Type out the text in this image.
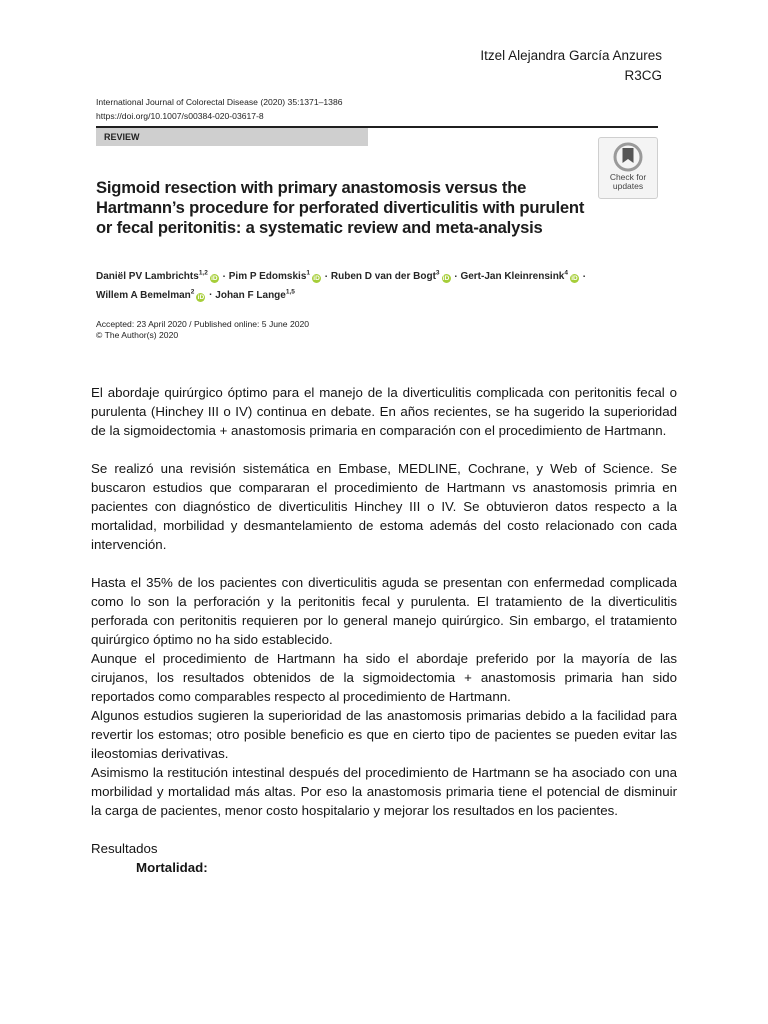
Itzel Alejandra García Anzures
R3CG
International Journal of Colorectal Disease (2020) 35:1371–1386
https://doi.org/10.1007/s00384-020-03617-8
REVIEW
Check for updates
Sigmoid resection with primary anastomosis versus the Hartmann’s procedure for perforated diverticulitis with purulent or fecal peritonitis: a systematic review and meta-analysis
Daniël PV Lambrichts$^{1,2}$iD · Pim P Edomskis$^1$iD · Ruben D van der Bogt$^3$iD · Gert-Jan Kleinrensink$^4$iD ·
Willem A Bemelman$^2$iD · Johan F Lange$^{1,5}$
Accepted: 23 April 2020 / Published online: 5 June 2020
© The Author(s) 2020

El abordaje quirúrgico óptimo para el manejo de la diverticulitis complicada con peritonitis fecal o purulenta (Hinchey III o IV) continua en debate. En años recientes, se ha sugerido la superioridad de la sigmoidectomia + anastomosis primaria en comparación con el procedimiento de Hartmann.

Se realizó una revisión sistemática en Embase, MEDLINE, Cochrane, y Web of Science. Se buscaron estudios que compararan el procedimiento de Hartmann vs anastomosis primria en pacientes con diagnóstico de diverticulitis Hinchey III o IV. Se obtuvieron datos respecto a la mortalidad, morbilidad y desmantelamiento de estoma además del costo relacionado con cada intervención.

Hasta el 35% de los pacientes con diverticulitis aguda se presentan con enfermedad complicada como lo son la perforación y la peritonitis fecal y purulenta. El tratamiento de la diverticulitis perforada con peritonitis requieren por lo general manejo quirúrgico. Sin embargo, el tratamiento quirúrgico óptimo no ha sido establecido.

Aunque el procedimiento de Hartmann ha sido el abordaje preferido por la mayoría de las cirujanos, los resultados obtenidos de la sigmoidectomia + anastomosis primaria han sido reportados como comparables respecto al procedimiento de Hartmann.

Algunos estudios sugieren la superioridad de las anastomosis primarias debido a la facilidad para revertir los estomas; otro posible beneficio es que en cierto tipo de pacientes se pueden evitar las ileostomias derivativas.

Asimismo la restitución intestinal después del procedimiento de Hartmann se ha asociado con una morbilidad y mortalidad más altas. Por eso la anastomosis primaria tiene el potencial de disminuir la carga de pacientes, menor costo hospitalario y mejorar los resultados en los pacientes.

Resultados

Mortalidad:
